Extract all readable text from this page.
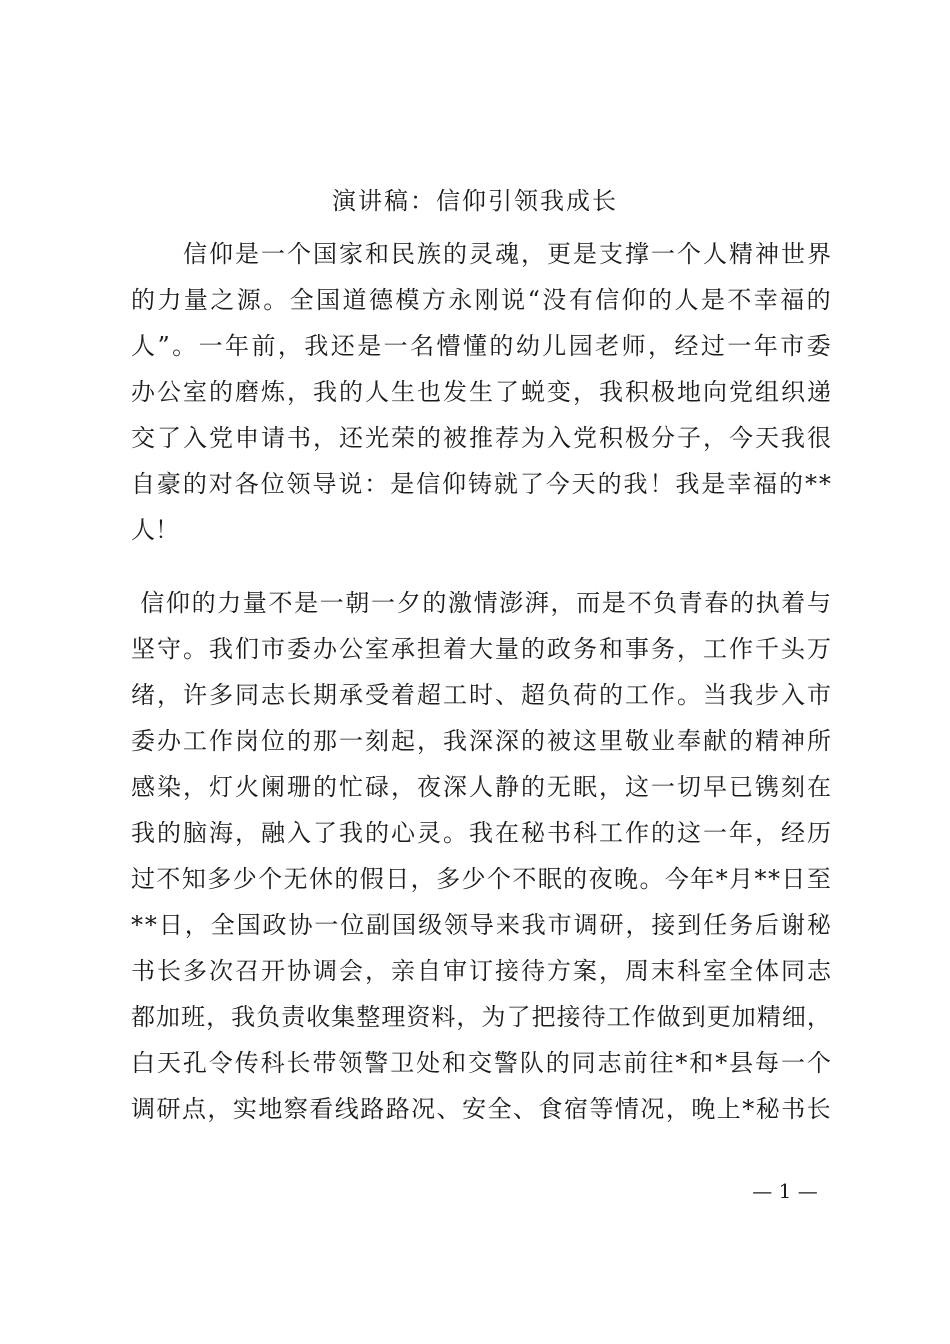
演讲稿：信仰引领我成长

信 仰 是 一 个 国 家 和 民 族 的 灵 魂 ， 更 是 支 撑 一 个 人 精 神 世 界
的 力 量 之 源 。 全 国 道 德 模 方 永 刚 说 “ 没 有 信 仰 的 人 是 不 幸 福 的
人 ” 。 一 年 前 ， 我 还 是 一 名 懵 懂 的 幼 儿 园 老 师 ， 经 过 一 年 市 委
办 公 室 的 磨 炼 ， 我 的 人 生 也 发 生 了 蜕 变 ， 我 积 极 地 向 党 组 织 递
交 了 入 党 申 请 书 ， 还 光 荣 的 被 推 荐 为 入 党 积 极 分 子 ， 今 天 我 很
自 豪 的 对 各 位 领 导 说 ： 是 信 仰 铸 就 了 今 天 的 我 ！ 我 是 幸 福 的 * *
人！

信 仰 的 力 量 不 是 一 朝 一 夕 的 激 情 澎 湃 ， 而 是 不 负 青 春 的 执 着 与
坚 守 。 我 们 市 委 办 公 室 承 担 着 大 量 的 政 务 和 事 务 ， 工 作 千 头 万
绪 ， 许 多 同 志 长 期 承 受 着 超 工 时 、 超 负 荷 的 工 作 。 当 我 步 入 市
委 办 工 作 岗 位 的 那 一 刻 起 ， 我 深 深 的 被 这 里 敬 业 奉 献 的 精 神 所
感 染 ， 灯 火 阑 珊 的 忙 碌 ， 夜 深 人 静 的 无 眠 ， 这 一 切 早 已 镌 刻 在
我 的 脑 海 ， 融 入 了 我 的 心 灵 。 我 在 秘 书 科 工 作 的 这 一 年 ， 经 历
过 不 知 多 少 个 无 休 的 假 日 ， 多 少 个 不 眠 的 夜 晚 。 今 年 * 月 * * 日 至
* * 日 ， 全 国 政 协 一 位 副 国 级 领 导 来 我 市 调 研 ， 接 到 任 务 后 谢 秘
书 长 多 次 召 开 协 调 会 ， 亲 自 审 订 接 待 方 案 ， 周 末 科 室 全 体 同 志
都 加 班 ， 我 负 责 收 集 整 理 资 料 ， 为 了 把 接 待 工 作 做 到 更 加 精 细 ，
白 天 孔 令 传 科 长 带 领 警 卫 处 和 交 警 队 的 同 志 前 往 * 和 * 县 每 一 个
调 研 点 ， 实 地 察 看 线 路 路 况 、 安 全 、 食 宿 等 情 况 ， 晚 上 * 秘 书 长
— 1 —
